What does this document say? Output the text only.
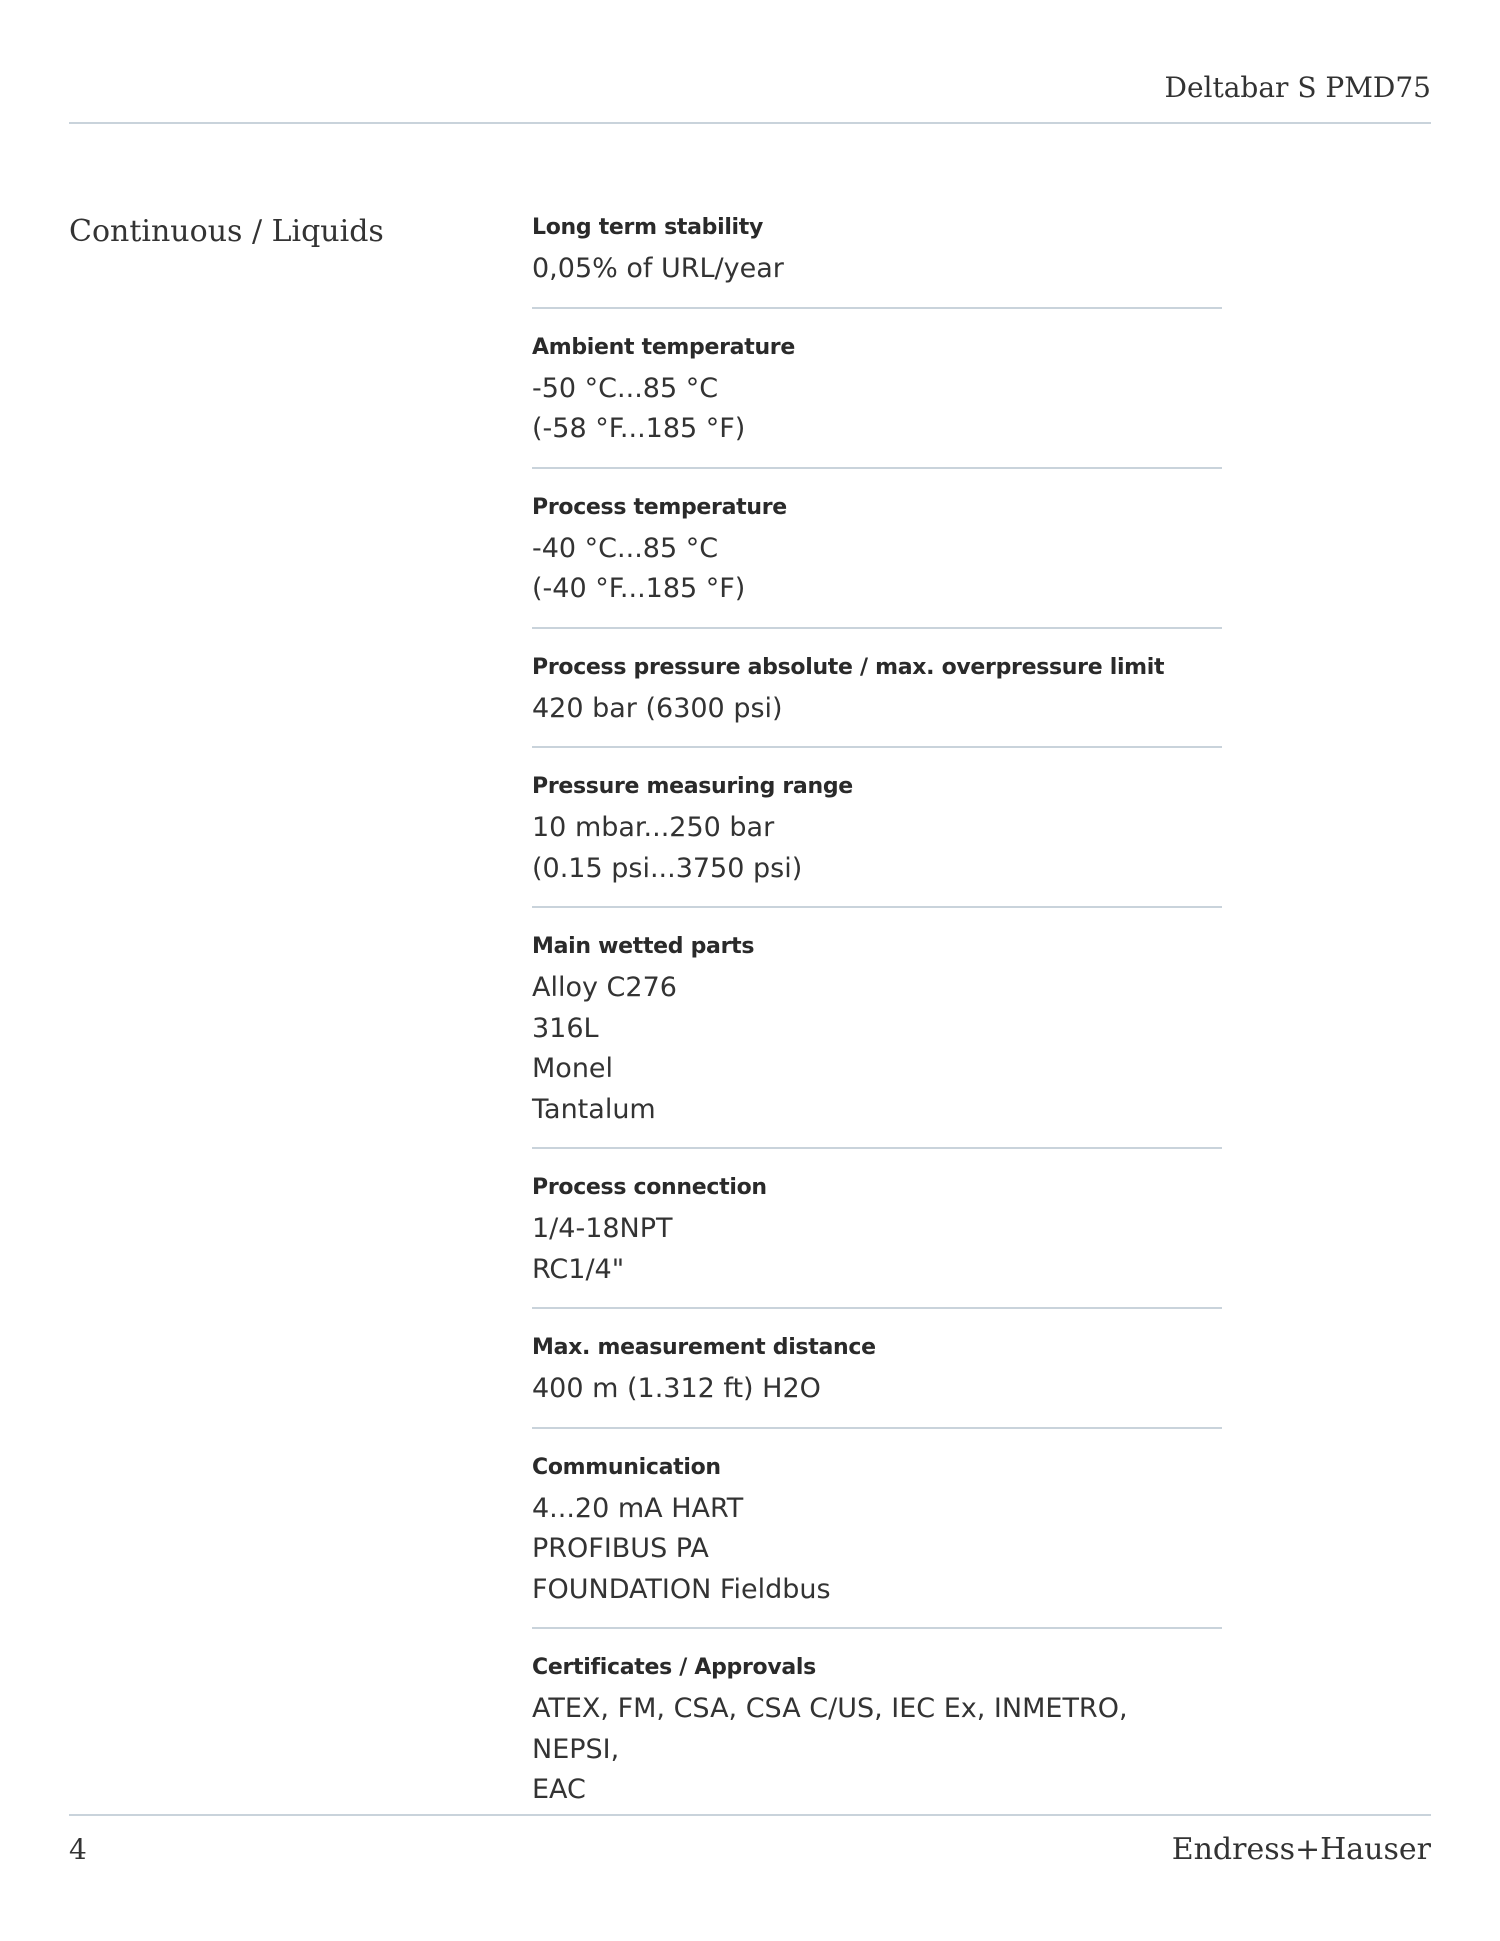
Deltabar S PMD75
Continuous / Liquids	Long term stability
0,05% of URL/year
Ambient temperature
-50 °C...85 °C
(-58 °F...185 °F)
Process temperature
-40 °C...85 °C
(-40 °F...185 °F)
Process pressure absolute / max. overpressure limit
420 bar (6300 psi)
Pressure measuring range
10 mbar...250 bar
(0.15 psi...3750 psi)
Main wetted parts
Alloy C276
316L
Monel
Tantalum
Process connection
1/4-18NPT
RC1/4"
Max. measurement distance
400 m (1.312 ft) H2O
Communication
4...20 mA HART
PROFIBUS PA
FOUNDATION Fieldbus
Certificates / Approvals
ATEX, FM, CSA, CSA C/US, IEC Ex, INMETRO, NEPSI,
EAC
4	Endress+Hauser
